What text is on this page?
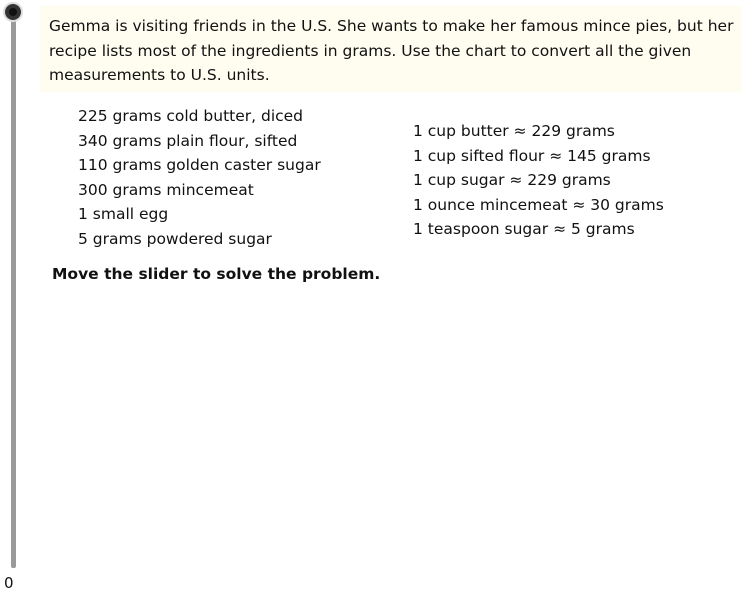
0

Gemma is visiting friends in the U.S. She wants to make her famous mince pies, but her recipe lists most of the ingredients in grams. Use the chart to convert all the given measurements to U.S. units.

225 grams cold butter, diced
340 grams plain flour, sifted
110 grams golden caster sugar
300 grams mincemeat
1 small egg
5 grams powdered sugar
1 cup butter ≈ 229 grams
1 cup sifted flour ≈ 145 grams
1 cup sugar ≈ 229 grams
1 ounce mincemeat ≈ 30 grams
1 teaspoon sugar ≈ 5 grams
Move the slider to solve the problem.
